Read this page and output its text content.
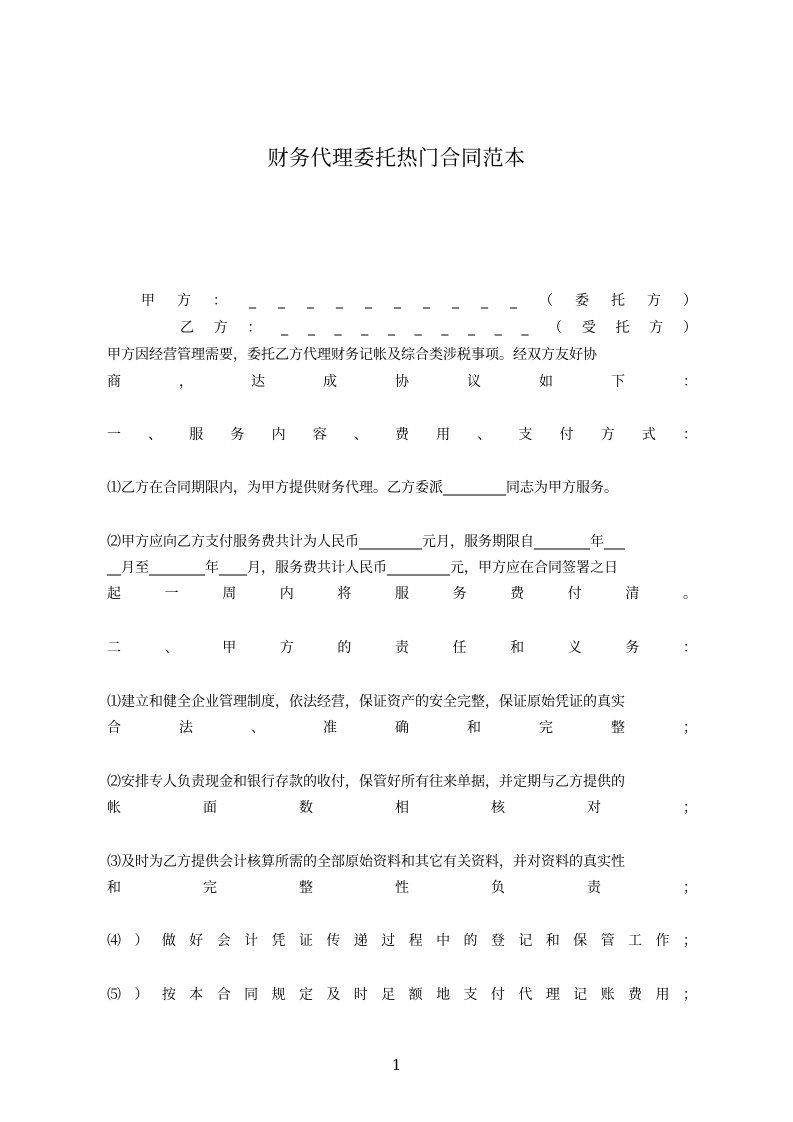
财务代理委托热门合同范本
甲 方 ： _ _ _ _ _ _ _ _ _ _ （ 委 托 方 ）
乙 方 ： _ _ _ _ _ _ _ _ _ _ （ 受 托 方 ）
甲方因经营管理需要，委托乙方代理财务记帐及综合类涉税事项。经双方友好协
商	，	达	成	协	议	如	下	：
一 、 服 务 内 容 、 费 用 、 支 付 方 式 ：
⑴乙方在合同期限内，为甲方提供财务代理。乙方委派_________同志为甲方服务。
⑵甲方应向乙方支付服务费共计为人民币_________元月，服务期限自________年___
__月至________年____月，服务费共计人民币_________元，甲方应在合同签署之日
起	一	周	内	将	服	务	费	付	清	。
二	、	甲	方	的	责	任	和	义	务	：
⑴建立和健全企业管理制度，依法经营，保证资产的安全完整，保证原始凭证的真实
合	法	、	准	确	和	完	整	；
⑵安排专人负责现金和银行存款的收付，保管好所有往来单据，并定期与乙方提供的
帐	面	数	相	核	对	；
⑶及时为乙方提供会计核算所需的全部原始资料和其它有关资料，并对资料的真实性
和	完	整	性	负	责	；
⑷ ） 做 好 会 计 凭 证 传 递 过 程 中 的 登 记 和 保 管 工 作 ；
⑸ ） 按 本 合 同 规 定 及 时 足 额 地 支 付 代 理 记 账 费 用 ；
1
